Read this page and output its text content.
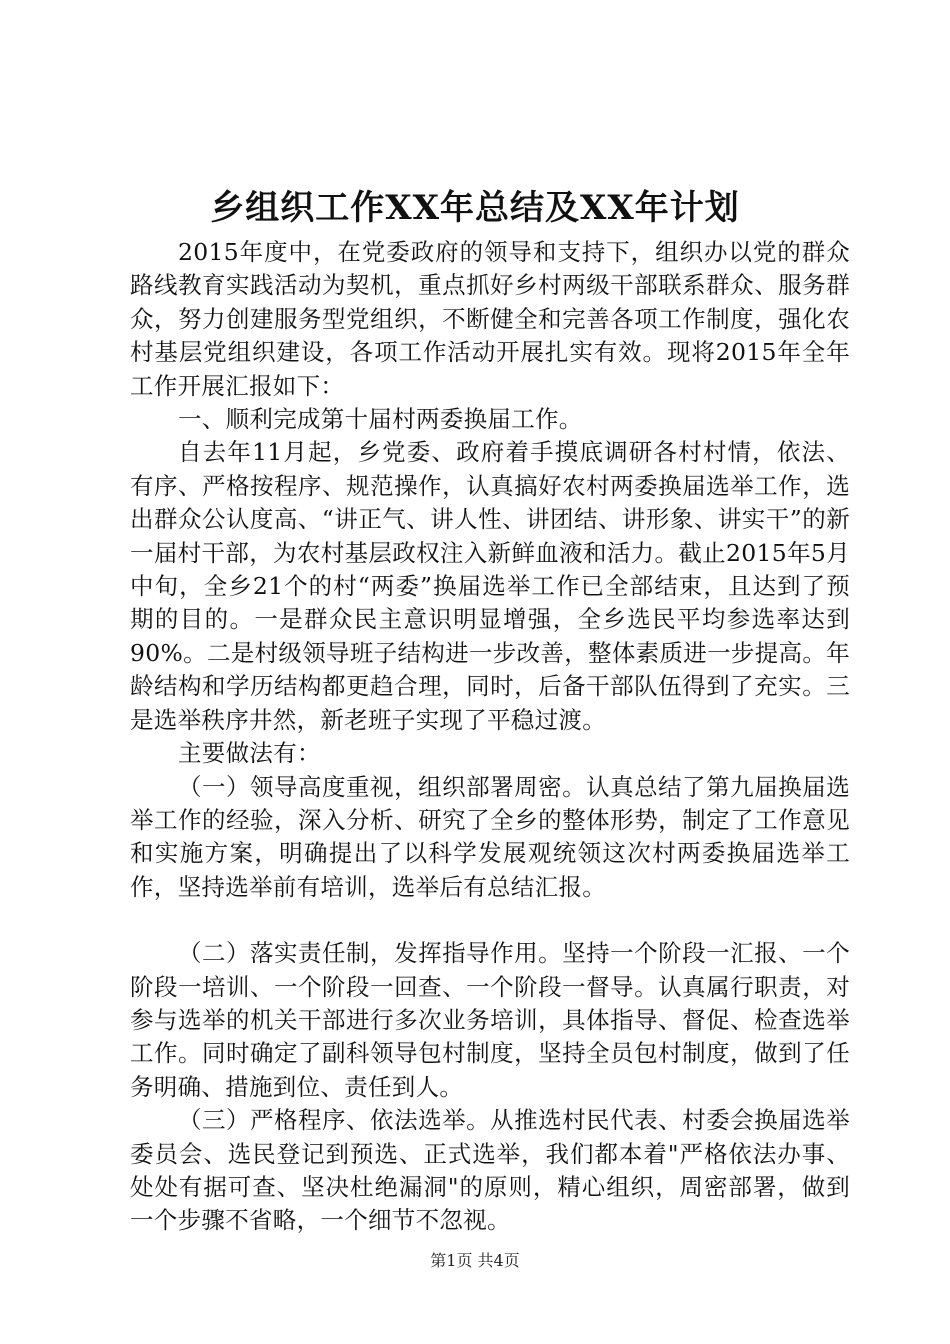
乡组织工作XX年总结及XX年计划

2015年度中，在党委政府的领导和支持下，组织办以党的群众路线教育实践活动为契机，重点抓好乡村两级干部联系群众、服务群众，努力创建服务型党组织，不断健全和完善各项工作制度，强化农村基层党组织建设，各项工作活动开展扎实有效。现将2015年全年工作开展汇报如下：

一、顺利完成第十届村两委换届工作。

自去年11月起，乡党委、政府着手摸底调研各村村情，依法、有序、严格按程序、规范操作，认真搞好农村两委换届选举工作，选出群众公认度高、“讲正气、讲人性、讲团结、讲形象、讲实干”的新一届村干部，为农村基层政权注入新鲜血液和活力。截止2015年5月中旬，全乡21个的村“两委”换届选举工作已全部结束，且达到了预期的目的。一是群众民主意识明显增强，全乡选民平均参选率达到90%。二是村级领导班子结构进一步改善，整体素质进一步提高。年龄结构和学历结构都更趋合理，同时，后备干部队伍得到了充实。三是选举秩序井然，新老班子实现了平稳过渡。

主要做法有：

（一）领导高度重视，组织部署周密。认真总结了第九届换届选举工作的经验，深入分析、研究了全乡的整体形势，制定了工作意见和实施方案，明确提出了以科学发展观统领这次村两委换届选举工作，坚持选举前有培训，选举后有总结汇报。

（二）落实责任制，发挥指导作用。坚持一个阶段一汇报、一个阶段一培训、一个阶段一回查、一个阶段一督导。认真属行职责，对参与选举的机关干部进行多次业务培训，具体指导、督促、检查选举工作。同时确定了副科领导包村制度，坚持全员包村制度，做到了任务明确、措施到位、责任到人。

（三）严格程序、依法选举。从推选村民代表、村委会换届选举委员会、选民登记到预选、正式选举，我们都本着"严格依法办事、处处有据可查、坚决杜绝漏洞"的原则，精心组织，周密部署，做到一个步骤不省略，一个细节不忽视。

第1页 共4页
